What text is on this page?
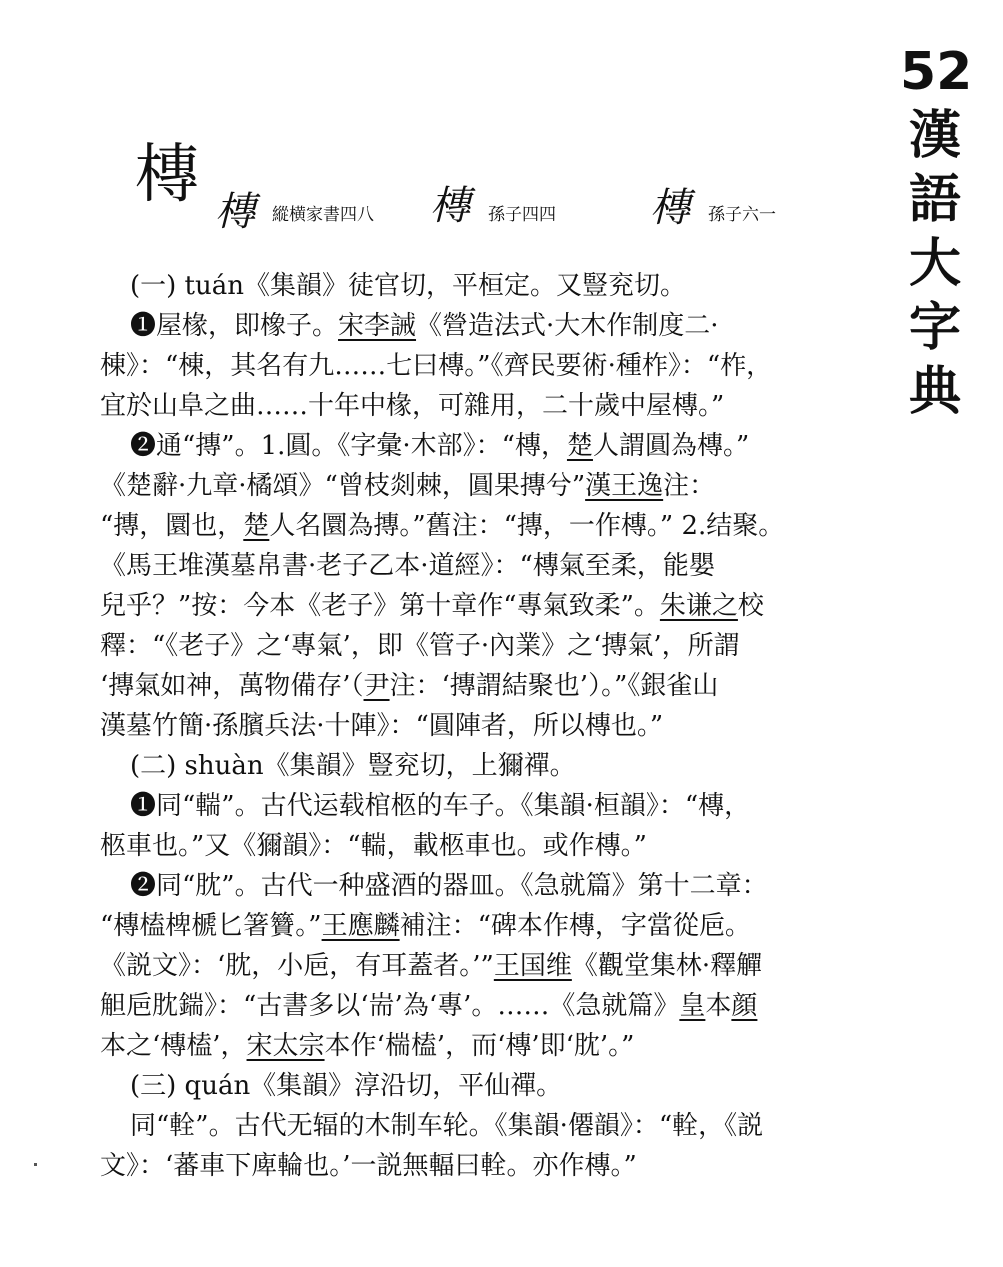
52
漢
語
大
字
典
槫 槫 縱横家書四八	槫 孫子四四 槫 孫子六一
(一) tuán《集韻》徒官切，平桓定。又豎兖切。
❶屋椽，即橡子。宋李誡《營造法式·大木作制度二·
棟》：“棟，其名有九……七曰槫。”《齊民要術·種柞》：“柞，
宜於山阜之曲……十年中椽，可雜用，二十歲中屋槫。”
❷通“摶”。1.圓。《字彙·木部》：“槫，楚人謂圓為槫。”
《楚辭·九章·橘頌》“曾枝剡棘，圓果摶兮”漢王逸注：
“摶，圜也，楚人名圜為摶。”舊注：“摶，一作槫。” 2.结聚。
《馬王堆漢墓帛書·老子乙本·道經》：“槫氣至柔，能嬰
兒乎？”按：今本《老子》第十章作“專氣致柔”。朱谦之校
釋：“《老子》之‘專氣’，即《管子·內業》之‘摶氣’，所謂
‘摶氣如神，萬物備存’（尹注：‘摶謂結聚也’）。”《銀雀山
漢墓竹簡·孫臏兵法·十陣》：“圓陣者，所以槫也。”
(二) shuàn《集韻》豎兖切，上獮禪。
❶同“輲”。古代运载棺柩的车子。《集韻·桓韻》：“槫，
柩車也。”又《獮韻》：“輲，載柩車也。或作槫。”
❷同“䏙”。古代一种盛酒的器皿。《急就篇》第十二章：
“槫榼椑榹匕箸籫。”王應麟補注：“碑本作槫，字當從巵。
《説文》：‘䏙，小巵，有耳蓋者。’”王国维《觀堂集林·釋觶
觛巵䏙鍴》：“古書多以‘耑’為‘專’。……《急就篇》皇本顔
本之‘槫榼’，宋太宗本作‘椯榼’，而‘槫’即‘䏙’。”
(三) quán《集韻》淳沿切，平仙禪。
同“輇”。古代无辐的木制车轮。《集韻·僊韻》：“輇，《説
文》：‘蕃車下庳輪也。’一説無輻曰輇。亦作槫。”
